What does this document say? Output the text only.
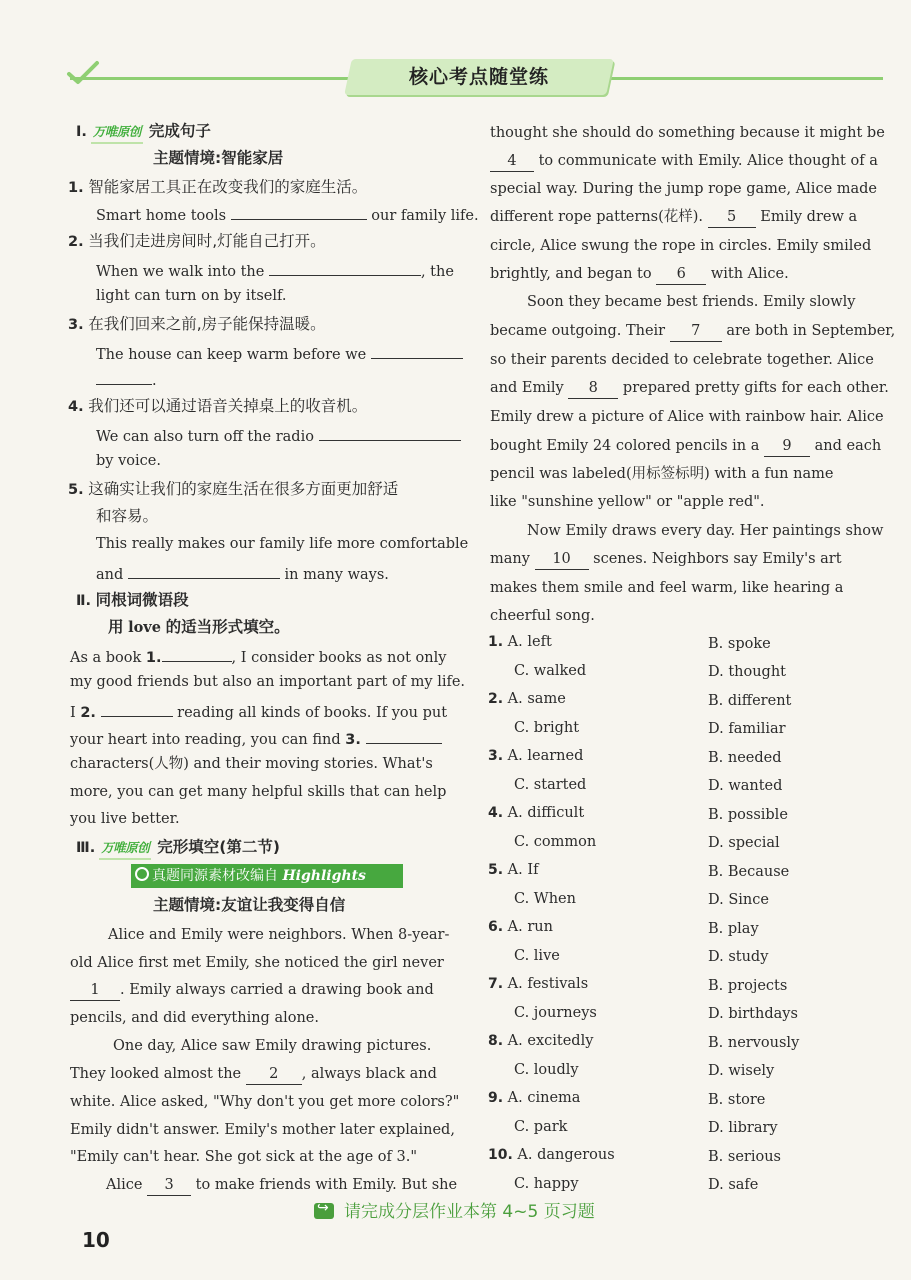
核心考点随堂练
Ⅰ. 万唯原创 完成句子
主题情境:智能家居
1. 智能家居工具正在改变我们的家庭生活。
Smart home tools	our family life.
2. 当我们走进房间时,灯能自己打开。
When we walk into the	, the
light can turn on by itself.
3. 在我们回来之前,房子能保持温暖。
The house can keep warm before we
.
4. 我们还可以通过语音关掉桌上的收音机。
We can also turn off the radio
by voice.
5. 这确实让我们的家庭生活在很多方面更加舒适
和容易。
This really makes our family life more comfortable
and	in many ways.
Ⅱ. 同根词微语段
用 love 的适当形式填空。
As a book 1.	, I consider books as not only
my good friends but also an important part of my life.
I 2.	reading all kinds of books. If you put
your heart into reading, you can find 3.
characters(人物) and their moving stories. What's
more, you can get many helpful skills that can help
you live better.
Ⅲ. 万唯原创 完形填空(第二节)
真题同源素材改编自 Highlights
主题情境:友谊让我变得自信
Alice and Emily were neighbors. When 8-year-
old Alice first met Emily, she noticed the girl never
1 . Emily always carried a drawing book and
pencils, and did everything alone.
One day, Alice saw Emily drawing pictures.
They looked almost the 2 , always black and
white. Alice asked, "Why don't you get more colors?"
Emily didn't answer. Emily's mother later explained,
"Emily can't hear. She got sick at the age of 3."
Alice 3 to make friends with Emily. But she
thought she should do something because it might be
4 to communicate with Emily. Alice thought of a
special way. During the jump rope game, Alice made
different rope patterns(花样). 5 Emily drew a
circle, Alice swung the rope in circles. Emily smiled
brightly, and began to 6 with Alice.
Soon they became best friends. Emily slowly
became outgoing. Their 7 are both in September,
so their parents decided to celebrate together. Alice
and Emily 8 prepared pretty gifts for each other.
Emily drew a picture of Alice with rainbow hair. Alice
bought Emily 24 colored pencils in a 9 and each
pencil was labeled(用标签标明) with a fun name
like "sunshine yellow" or "apple red".
Now Emily draws every day. Her paintings show
many 10 scenes. Neighbors say Emily's art
makes them smile and feel warm, like hearing a
cheerful song.
1. A. left	B. spoke
C. walked	D. thought
2. A. same	B. different
C. bright	D. familiar
3. A. learned	B. needed
C. started	D. wanted
4. A. difficult	B. possible
C. common	D. special
5. A. If	B. Because
C. When	D. Since
6. A. run	B. play
C. live	D. study
7. A. festivals	B. projects
C. journeys	D. birthdays
8. A. excitedly	B. nervously
C. loudly	D. wisely
9. A. cinema	B. store
C. park	D. library
10. A. dangerous	B. serious
C. happy	D. safe
↪请完成分层作业本第 4~5 页习题
10
